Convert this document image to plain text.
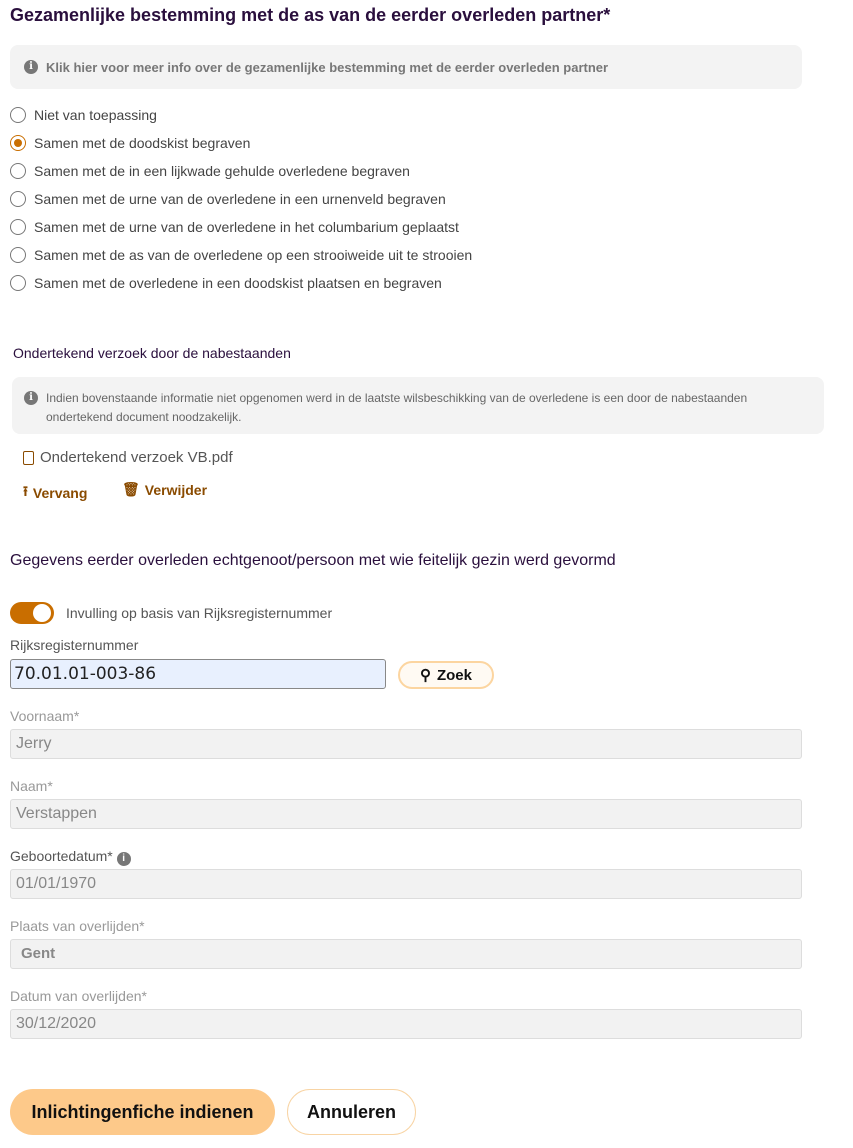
Gezamenlijke bestemming met de as van de eerder overleden partner*
i	Klik hier voor meer info over de gezamenlijke bestemming met de eerder overleden partner
Niet van toepassing
Samen met de doodskist begraven
Samen met de in een lijkwade gehulde overledene begraven
Samen met de urne van de overledene in een urnenveld begraven
Samen met de urne van de overledene in het columbarium geplaatst
Samen met de as van de overledene op een strooiweide uit te strooien
Samen met de overledene in een doodskist plaatsen en begraven
Ondertekend verzoek door de nabestaanden
i	Indien bovenstaande informatie niet opgenomen werd in de laatste wilsbeschikking van de overledene is een door de nabestaanden ondertekend document noodzakelijk.
Ondertekend verzoek VB.pdf
⭱ Vervang 🗑 Verwijder
Gegevens eerder overleden echtgenoot/persoon met wie feitelijk gezin werd gevormd
Invulling op basis van Rijksregisternummer
Rijksregisternummer
70.01.01-003-86
⚲ Zoek
Voornaam*
Jerry
Naam*
Verstappen
Geboortedatum* i
01/01/1970
Plaats van overlijden*
Gent
Datum van overlijden*
30/12/2020
Inlichtingenfiche indienen	Annuleren
